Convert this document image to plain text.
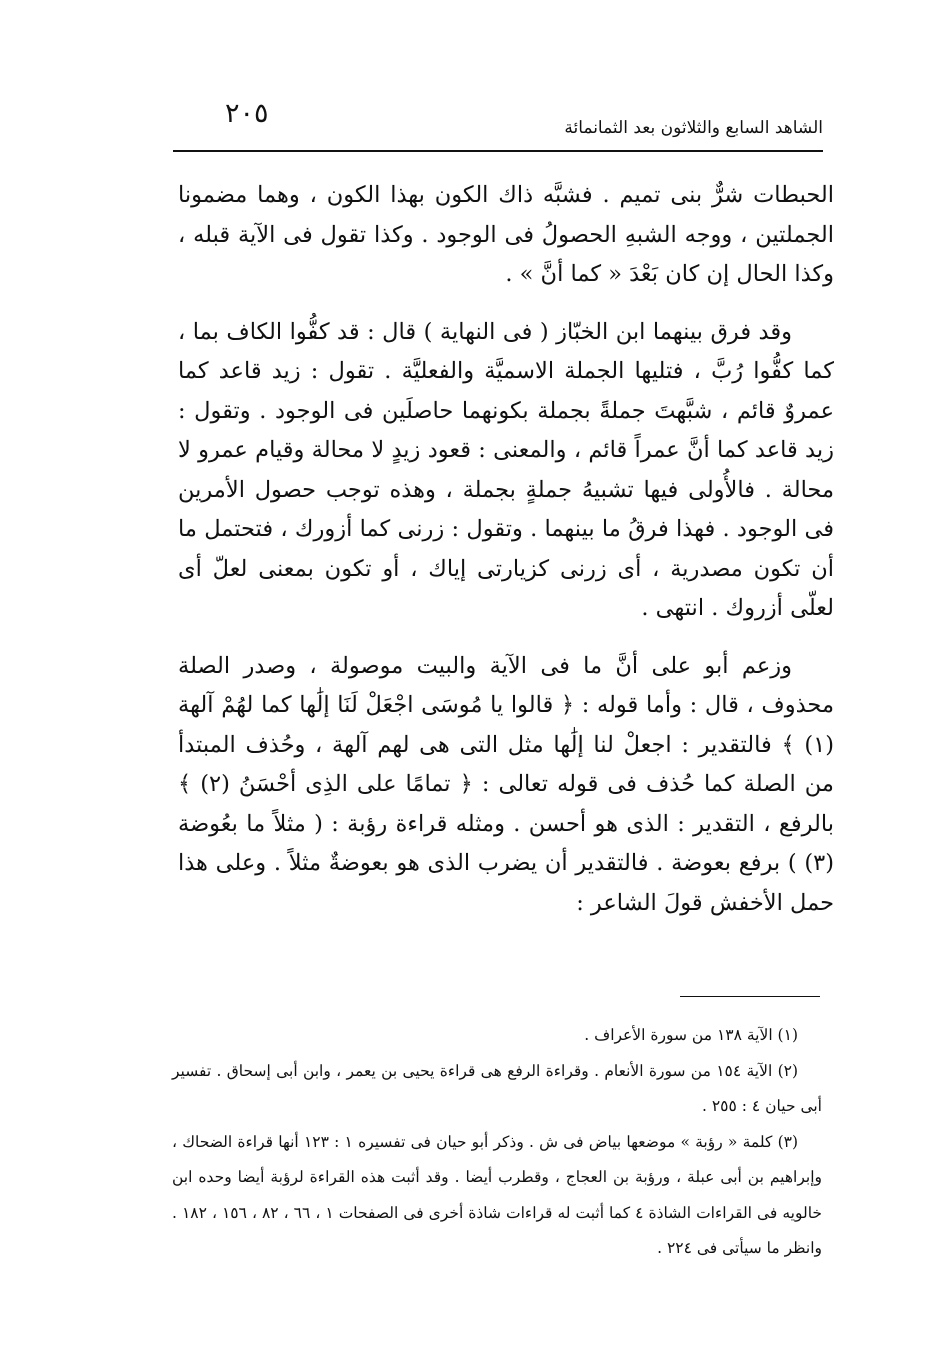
الشاهد السابع والثلاثون بعد الثمانمائة
٢٠٥

الحبطات شرٌّ بنى تميم . فشبَّه ذاك الكون بهذا الكون ، وهما مضمونا الجملتين ، ووجه الشبهِ الحصولُ فى الوجود . وكذا تقول فى الآية قبله ، وكذا الحال إن كان بَعْدَ « كما أنَّ » .

وقد فرق بينهما ابن الخبّاز ( فى النهاية ) قال : قد كفُّوا الكاف بما ، كما كفُّوا رُبَّ ، فتليها الجملة الاسميَّة والفعليَّة . تقول : زيد قاعد كما عمروٌ قائم ، شبَّهتَ جملةً بجملة بكونهما حاصلَين فى الوجود . وتقول : زيد قاعد كما أنَّ عمراً قائم ، والمعنى : قعود زيدٍ لا محالة وقيام عمرو لا محالة . فالأُولى فيها تشبيهُ جملةٍ بجملة ، وهذه توجب حصول الأمرين فى الوجود . فهذا فرقُ ما بينهما . وتقول : زرنى كما أزورك ، فتحتمل ما أن تكون مصدرية ، أى زرنى كزيارتى إياك ، أو تكون بمعنى لعلّ أى لعلّى أزروك . انتهى .

وزعم أبو على أنَّ ما فى الآية والبيت موصولة ، وصدر الصلة محذوف ، قال : وأما قوله : ﴿ قالوا يا مُوسَى اجْعَلْ لَنَا إلَٰها كما لهُمْ آلهة (١) ﴾ فالتقدير : اجعلْ لنا إلَٰها مثل التى هى لهم آلهة ، وحُذف المبتدأ من الصلة كما حُذف فى قوله تعالى : ﴿ تمامًا على الذِى أحْسَنُ (٢) ﴾ بالرفع ، التقدير : الذى هو أحسن . ومثله قراءة رؤبة : ( مثلاً ما بعُوضة (٣) ) برفع بعوضة . فالتقدير أن يضرب الذى هو بعوضةٌ مثلاً . وعلى هذا حمل الأخفش قولَ الشاعر :

(١) الآية ١٣٨ من سورة الأعراف .

(٢) الآية ١٥٤ من سورة الأنعام . وقراءة الرفع هى قراءة يحيى بن يعمر ، وابن أبى إسحاق . تفسير أبى حيان ٤ : ٢٥٥ .

(٣) كلمة « رؤبة » موضعها بياض فى ش . وذكر أبو حيان فى تفسيره ١ : ١٢٣ أنها قراءة الضحاك ، وإبراهيم بن أبى عبلة ، ورؤبة بن العجاج ، وقطرب أيضا . وقد أثبت هذه القراءة لرؤبة أيضا وحده ابن خالويه فى القراءات الشاذة ٤ كما أثبت له قراءات شاذة أخرى فى الصفحات ١ ، ٦٦ ، ٨٢ ، ١٥٦ ، ١٨٢ . وانظر ما سيأتى فى ٢٢٤ .
